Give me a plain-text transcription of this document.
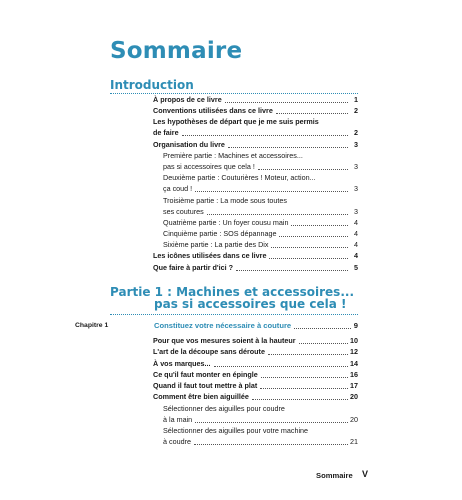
Sommaire
Introduction
À propos de ce livre	1
Conventions utilisées dans ce livre	2
Les hypothèses de départ que je me suis permis
de faire	2
Organisation du livre	3
Première partie : Machines et accessoires...
pas si accessoires que cela !	3
Deuxième partie : Couturières ! Moteur, action...
ça coud !	3
Troisième partie : La mode sous toutes
ses coutures	3
Quatrième partie : Un foyer cousu main	4
Cinquième partie : SOS dépannage	4
Sixième partie : La partie des Dix	4
Les icônes utilisées dans ce livre	4
Que faire à partir d'ici ?	5
Partie 1 : Machines et accessoires...
pas si accessoires que cela !
Chapitre 1	Constituez votre nécessaire à couture	9
Pour que vos mesures soient à la hauteur	10
L'art de la découpe sans déroute	12
À vos marques...	14
Ce qu'il faut monter en épingle	16
Quand il faut tout mettre à plat	17
Comment être bien aiguillée	20
Sélectionner des aiguilles pour coudre
à la main	20
Sélectionner des aiguilles pour votre machine
à coudre	21
Sommaire V
